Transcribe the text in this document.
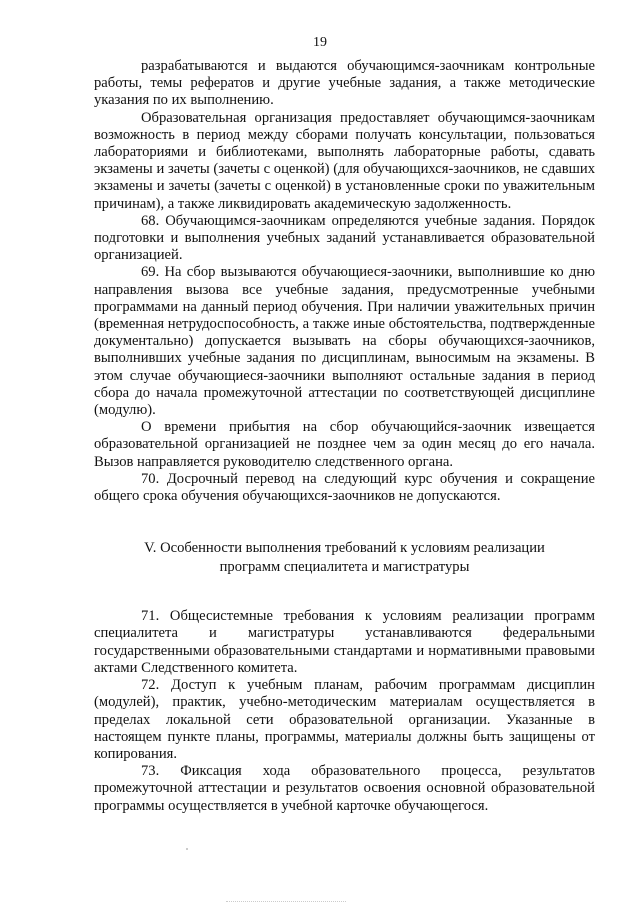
19

разрабатываются и выдаются обучающимся-заочникам контрольные работы, темы рефератов и другие учебные задания, а также методические указания по их выполнению.

Образовательная организация предоставляет обучающимся-заочникам возможность в период между сборами получать консультации, пользоваться лабораториями и библиотеками, выполнять лабораторные работы, сдавать экзамены и зачеты (зачеты с оценкой) (для обучающихся-заочников, не сдавших экзамены и зачеты (зачеты с оценкой) в установленные сроки по уважительным причинам), а также ликвидировать академическую задолженность.

68. Обучающимся-заочникам определяются учебные задания. Порядок подготовки и выполнения учебных заданий устанавливается образовательной организацией.

69. На сбор вызываются обучающиеся-заочники, выполнившие ко дню направления вызова все учебные задания, предусмотренные учебными программами на данный период обучения. При наличии уважительных причин (временная нетрудоспособность, а также иные обстоятельства, подтвержденные документально) допускается вызывать на сборы обучающихся-заочников, выполнивших учебные задания по дисциплинам, выносимым на экзамены. В этом случае обучающиеся-заочники выполняют остальные задания в период сбора до начала промежуточной аттестации по соответствующей дисциплине (модулю).

О времени прибытия на сбор обучающийся-заочник извещается образовательной организацией не позднее чем за один месяц до его начала. Вызов направляется руководителю следственного органа.

70. Досрочный перевод на следующий курс обучения и сокращение общего срока обучения обучающихся-заочников не допускаются.

V. Особенности выполнения требований к условиям реализации
программ специалитета и магистратуры

71. Общесистемные требования к условиям реализации программ специалитета и магистратуры устанавливаются федеральными государственными образовательными стандартами и нормативными правовыми актами Следственного комитета.

72. Доступ к учебным планам, рабочим программам дисциплин (модулей), практик, учебно-методическим материалам осуществляется в пределах локальной сети образовательной организации. Указанные в настоящем пункте планы, программы, материалы должны быть защищены от копирования.

73. Фиксация хода образовательного процесса, результатов промежуточной аттестации и результатов освоения основной образовательной программы осуществляется в учебной карточке обучающегося.
